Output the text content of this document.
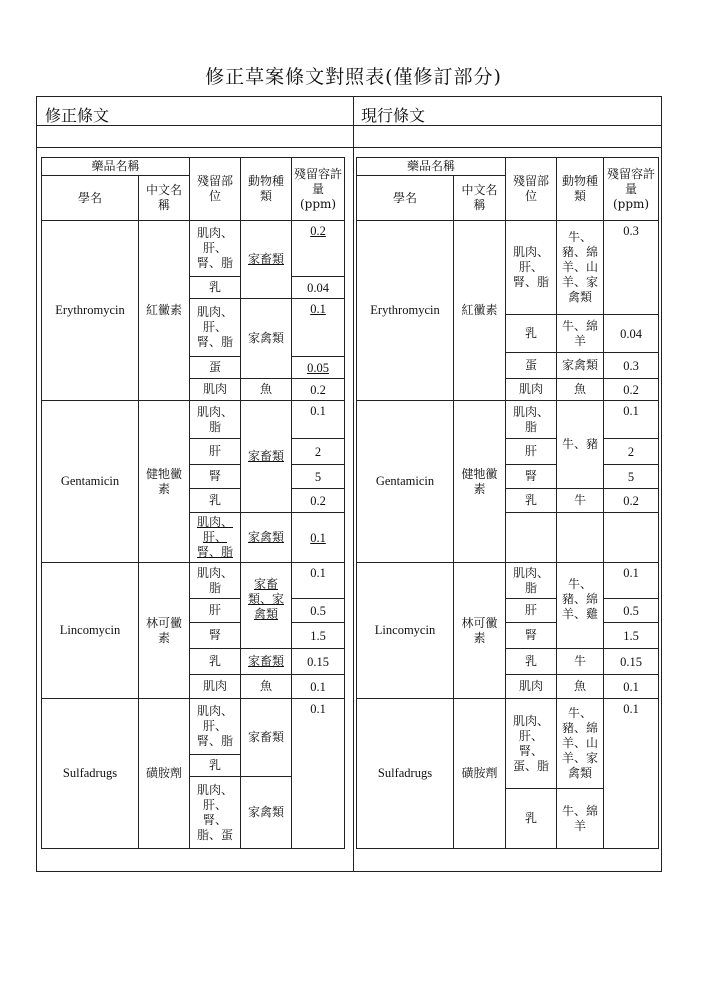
修正草案條文對照表(僅修訂部分)
修正條文	現行條文
藥品名稱		殘留部位	動物種類	殘留容許量
(ppm)
學名	中文名稱			
Erythromycin	紅黴素	肌肉、肝、腎、脂	家畜類	0.2
		乳		0.04
		肌肉、肝、腎、脂	家禽類	0.1
		蛋		0.05
		肌肉	魚	0.2
Gentamicin	健牠黴素	肌肉、脂	家畜類	0.1
		肝		2
		腎		5
		乳		0.2
		肌肉、肝、腎、脂	家禽類	0.1
Lincomycin	林可黴素	肌肉、脂	家畜類、家禽類	0.1
		肝		0.5
		腎		1.5
		乳	家畜類	0.15
		肌肉	魚	0.1
Sulfadrugs	磺胺劑	肌肉、肝、腎、脂	家畜類	0.1
		乳		
		肌肉、肝、腎、脂、蛋	家禽類	
藥品名稱		殘留部位	動物種類	殘留容許量
(ppm)
學名	中文名稱			
Erythromycin	紅黴素	肌肉、肝、腎、脂	牛、豬、綿羊、山羊、家禽類	0.3
		乳	牛、綿羊	0.04
		蛋	家禽類	0.3
		肌肉	魚	0.2
Gentamicin	健牠黴素	肌肉、脂	牛、豬	0.1
		肝		2
		腎		5
		乳	牛	0.2

Lincomycin	林可黴素	肌肉、脂	牛、豬、綿羊、雞	0.1
		肝		0.5
		腎		1.5
		乳	牛	0.15
		肌肉	魚	0.1
Sulfadrugs	磺胺劑	肌肉、肝、腎、蛋、脂	牛、豬、綿羊、山羊、家禽類	0.1
		乳	牛、綿羊	
